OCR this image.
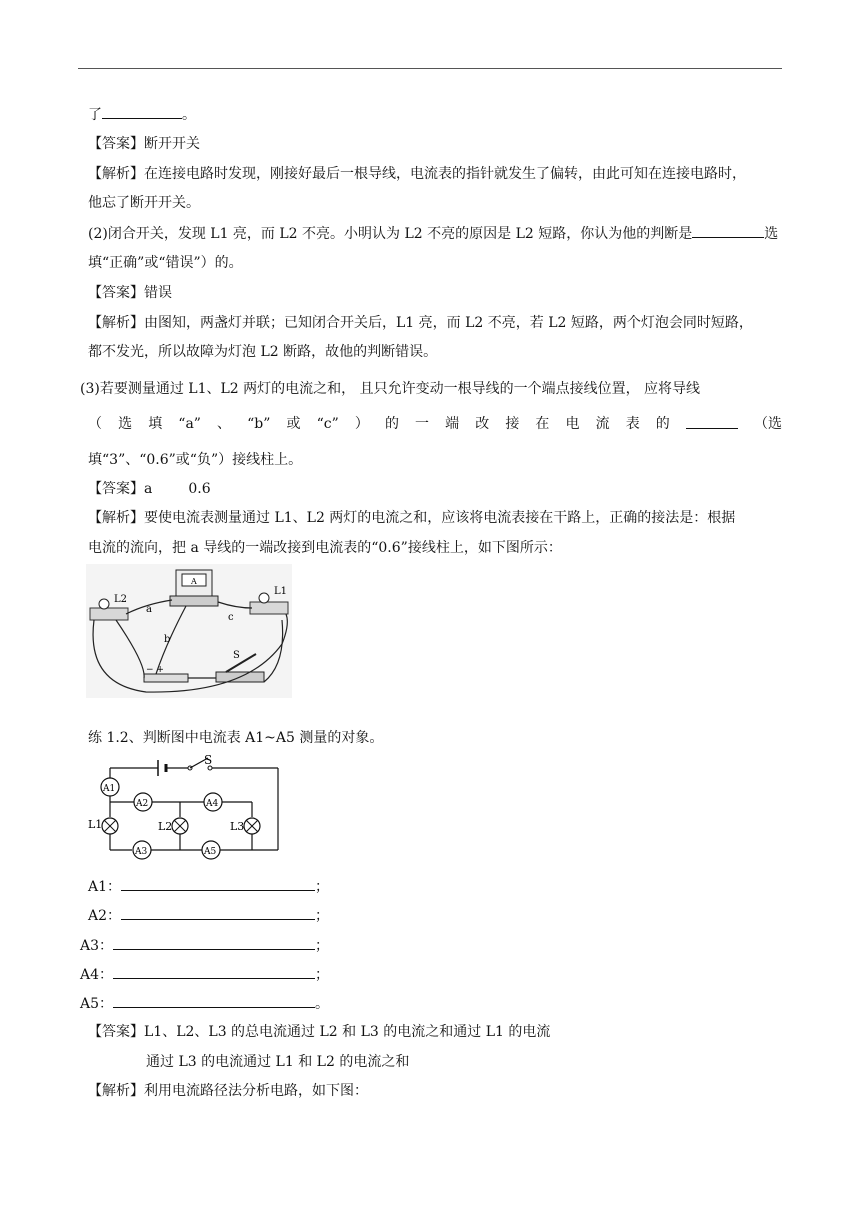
了	。
【答案】断开开关
【解析】在连接电路时发现，刚接好最后一根导线，电流表的指针就发生了偏转，由此可知在连接电路时，
他忘了断开开关。
(2)闭合开关，发现 L1 亮，而 L2 不亮。小明认为 L2 不亮的原因是 L2 短路，你认为他的判断是	选
填“正确”或“错误”）的。
【答案】错误
【解析】由图知，两盏灯并联；已知闭合开关后，L1 亮，而 L2 不亮，若 L2 短路，两个灯泡会同时短路，
都不发光，所以故障为灯泡 L2 断路，故他的判断错误。
(3)若要测量通过 L1、L2 两灯的电流之和， 且只允许变动一根导线的一个端点接线位置， 应将导线
（ 选 填 “a” 、 “b” 或 “c” ） 的 一 端 改 接 在 电 流 表 的	（选
填“3”、“0.6”或“负”）接线柱上。
【答案】a	0.6
【解析】要使电流表测量通过 L1、L2 两灯的电流之和，应该将电流表接在干路上，正确的接法是：根据
电流的流向，把 a 导线的一端改接到电流表的“0.6”接线柱上，如下图所示：
L2
L1
A
− +
S
a
c
b
练 1.2、判断图中电流表 A1~A5 测量的对象。
S
A1
A2	A4
A3	A5
L1	L2	L3
A1：	；
A2：	；
A3：	；
A4：	；
A5：	。
【答案】L1、L2、L3 的总电流通过 L2 和 L3 的电流之和通过 L1 的电流
通过 L3 的电流通过 L1 和 L2 的电流之和
【解析】利用电流路径法分析电路，如下图：
